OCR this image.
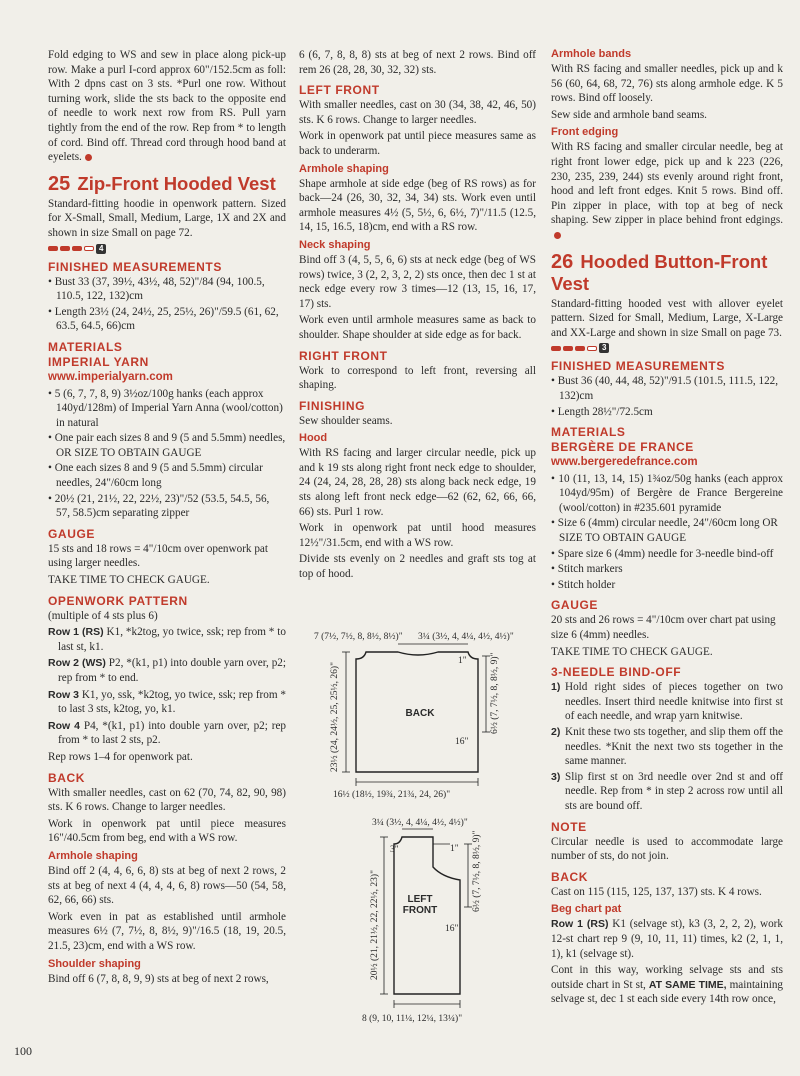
Fold edging to WS and sew in place along pick-up row. Make a purl I-cord approx 60"/152.5cm as foll: With 2 dpns cast on 3 sts. *Purl one row. Without turning work, slide the sts back to the opposite end of needle to work next row from RS. Pull yarn tightly from the end of the row. Rep from * to length of cord. Bind off. Thread cord through hood band at eyelets.

25 Zip-Front Hooded Vest

Standard-fitting hoodie in openwork pattern. Sized for X-Small, Small, Medium, Large, 1X and 2X and shown in size Small on page 72.

4
FINISHED MEASUREMENTS
• Bust 33 (37, 39½, 43½, 48, 52)"/84 (94, 100.5, 110.5, 122, 132)cm
• Length 23½ (24, 24½, 25, 25½, 26)"/59.5 (61, 62, 63.5, 64.5, 66)cm
MATERIALS
IMPERIAL YARN
www.imperialyarn.com
• 5 (6, 7, 7, 8, 9) 3½oz/100g hanks (each approx 140yd/128m) of Imperial Yarn Anna (wool/cotton) in natural
• One pair each sizes 8 and 9 (5 and 5.5mm) needles, OR SIZE TO OBTAIN GAUGE
• One each sizes 8 and 9 (5 and 5.5mm) circular needles, 24"/60cm long
• 20½ (21, 21½, 22, 22½, 23)"/52 (53.5, 54.5, 56, 57, 58.5)cm separating zipper
GAUGE

15 sts and 18 rows = 4"/10cm over openwork pat using larger needles.

TAKE TIME TO CHECK GAUGE.

OPENWORK PATTERN

(multiple of 4 sts plus 6)

Row 1 (RS) K1, *k2tog, yo twice, ssk; rep from * to last st, k1.

Row 2 (WS) P2, *(k1, p1) into double yarn over, p2; rep from * to end.

Row 3 K1, yo, ssk, *k2tog, yo twice, ssk; rep from * to last 3 sts, k2tog, yo, k1.

Row 4 P4, *(k1, p1) into double yarn over, p2; rep from * to last 2 sts, p2.

Rep rows 1–4 for openwork pat.

BACK

With smaller needles, cast on 62 (70, 74, 82, 90, 98) sts. K 6 rows. Change to larger needles.

Work in openwork pat until piece measures 16"/40.5cm from beg, end with a WS row.

Armhole shaping

Bind off 2 (4, 4, 6, 6, 8) sts at beg of next 2 rows, 2 sts at beg of next 4 (4, 4, 4, 6, 8) rows—50 (54, 58, 62, 66, 66) sts.

Work even in pat as established until armhole measures 6½ (7, 7½, 8, 8½, 9)"/16.5 (18, 19, 20.5, 21.5, 23)cm, end with a WS row.

Shoulder shaping

Bind off 6 (7, 8, 8, 9, 9) sts at beg of next 2 rows,

6 (6, 7, 8, 8, 8) sts at beg of next 2 rows. Bind off rem 26 (28, 28, 30, 32, 32) sts.

LEFT FRONT

With smaller needles, cast on 30 (34, 38, 42, 46, 50) sts. K 6 rows. Change to larger needles.

Work in openwork pat until piece measures same as back to underarm.

Armhole shaping

Shape armhole at side edge (beg of RS rows) as for back—24 (26, 30, 32, 34, 34) sts. Work even until armhole measures 4½ (5, 5½, 6, 6½, 7)"/11.5 (12.5, 14, 15, 16.5, 18)cm, end with a RS row.

Neck shaping

Bind off 3 (4, 5, 5, 6, 6) sts at neck edge (beg of WS rows) twice, 3 (2, 2, 3, 2, 2) sts once, then dec 1 st at neck edge every row 3 times—12 (13, 15, 16, 17, 17) sts.

Work even until armhole measures same as back to shoulder. Shape shoulder at side edge as for back.

RIGHT FRONT

Work to correspond to left front, reversing all shaping.

FINISHING

Sew shoulder seams.

Hood

With RS facing and larger circular needle, pick up and k 19 sts along right front neck edge to shoulder, 24 (24, 24, 28, 28, 28) sts along back neck edge, 19 sts along left front neck edge—62 (62, 62, 66, 66, 66) sts. Purl 1 row.

Work in openwork pat until hood measures 12½"/31.5cm, end with a WS row.

Divide sts evenly on 2 needles and graft sts tog at top of hood.

7 (7½, 7½, 8, 8½, 8½)" 3¼ (3½, 4, 4¼, 4½, 4½)"
1" 6½ (7, 7½, 8, 8½, 9)"
16"
23½ (24, 24½, 25, 25½, 26)"
16½ (18½, 19¾, 21¾, 24, 26)"
BACK
3¼ (3½, 4, 4¼, 4½, 4½)"
3"	1" 6½ (7, 7½, 8, 8½, 9)"
16"
20½ (21, 21½, 22, 22½, 23)"
8 (9, 10, 11¼, 12¼, 13¼)"
LEFT FRONT
Armhole bands

With RS facing and smaller needles, pick up and k 56 (60, 64, 68, 72, 76) sts along armhole edge. K 5 rows. Bind off loosely.

Sew side and armhole band seams.

Front edging

With RS facing and smaller circular needle, beg at right front lower edge, pick up and k 223 (226, 230, 235, 239, 244) sts evenly around right front, hood and left front edges. Knit 5 rows. Bind off. Pin zipper in place, with top at beg of neck shaping. Sew zipper in place behind front edgings.

26 Hooded Button-Front Vest

Standard-fitting hooded vest with allover eyelet pattern. Sized for Small, Medium, Large, X-Large and XX-Large and shown in size Small on page 73.

3
FINISHED MEASUREMENTS
• Bust 36 (40, 44, 48, 52)"/91.5 (101.5, 111.5, 122, 132)cm
• Length 28½"/72.5cm
MATERIALS
BERGÈRE DE FRANCE
www.bergeredefrance.com
• 10 (11, 13, 14, 15) 1¾oz/50g hanks (each approx 104yd/95m) of Bergère de France Bergereine (wool/cotton) in #235.601 pyramide
• Size 6 (4mm) circular needle, 24"/60cm long OR SIZE TO OBTAIN GAUGE
• Spare size 6 (4mm) needle for 3-needle bind-off
• Stitch markers
• Stitch holder
GAUGE

20 sts and 26 rows = 4"/10cm over chart pat using size 6 (4mm) needles.

TAKE TIME TO CHECK GAUGE.

3-NEEDLE BIND-OFF
1) Hold right sides of pieces together on two needles. Insert third needle knitwise into first st of each needle, and wrap yarn knitwise.
2) Knit these two sts together, and slip them off the needles. *Knit the next two sts together in the same manner.
3) Slip first st on 3rd needle over 2nd st and off needle. Rep from * in step 2 across row until all sts are bound off.
NOTE

Circular needle is used to accommodate large number of sts, do not join.

BACK

Cast on 115 (115, 125, 137, 137) sts. K 4 rows.

Beg chart pat

Row 1 (RS) K1 (selvage st), k3 (3, 2, 2, 2), work 12-st chart rep 9 (9, 10, 11, 11) times, k2 (2, 1, 1, 1), k1 (selvage st).

Cont in this way, working selvage sts and sts outside chart in St st, AT SAME TIME, maintaining selvage st, dec 1 st each side every 14th row once,

100
